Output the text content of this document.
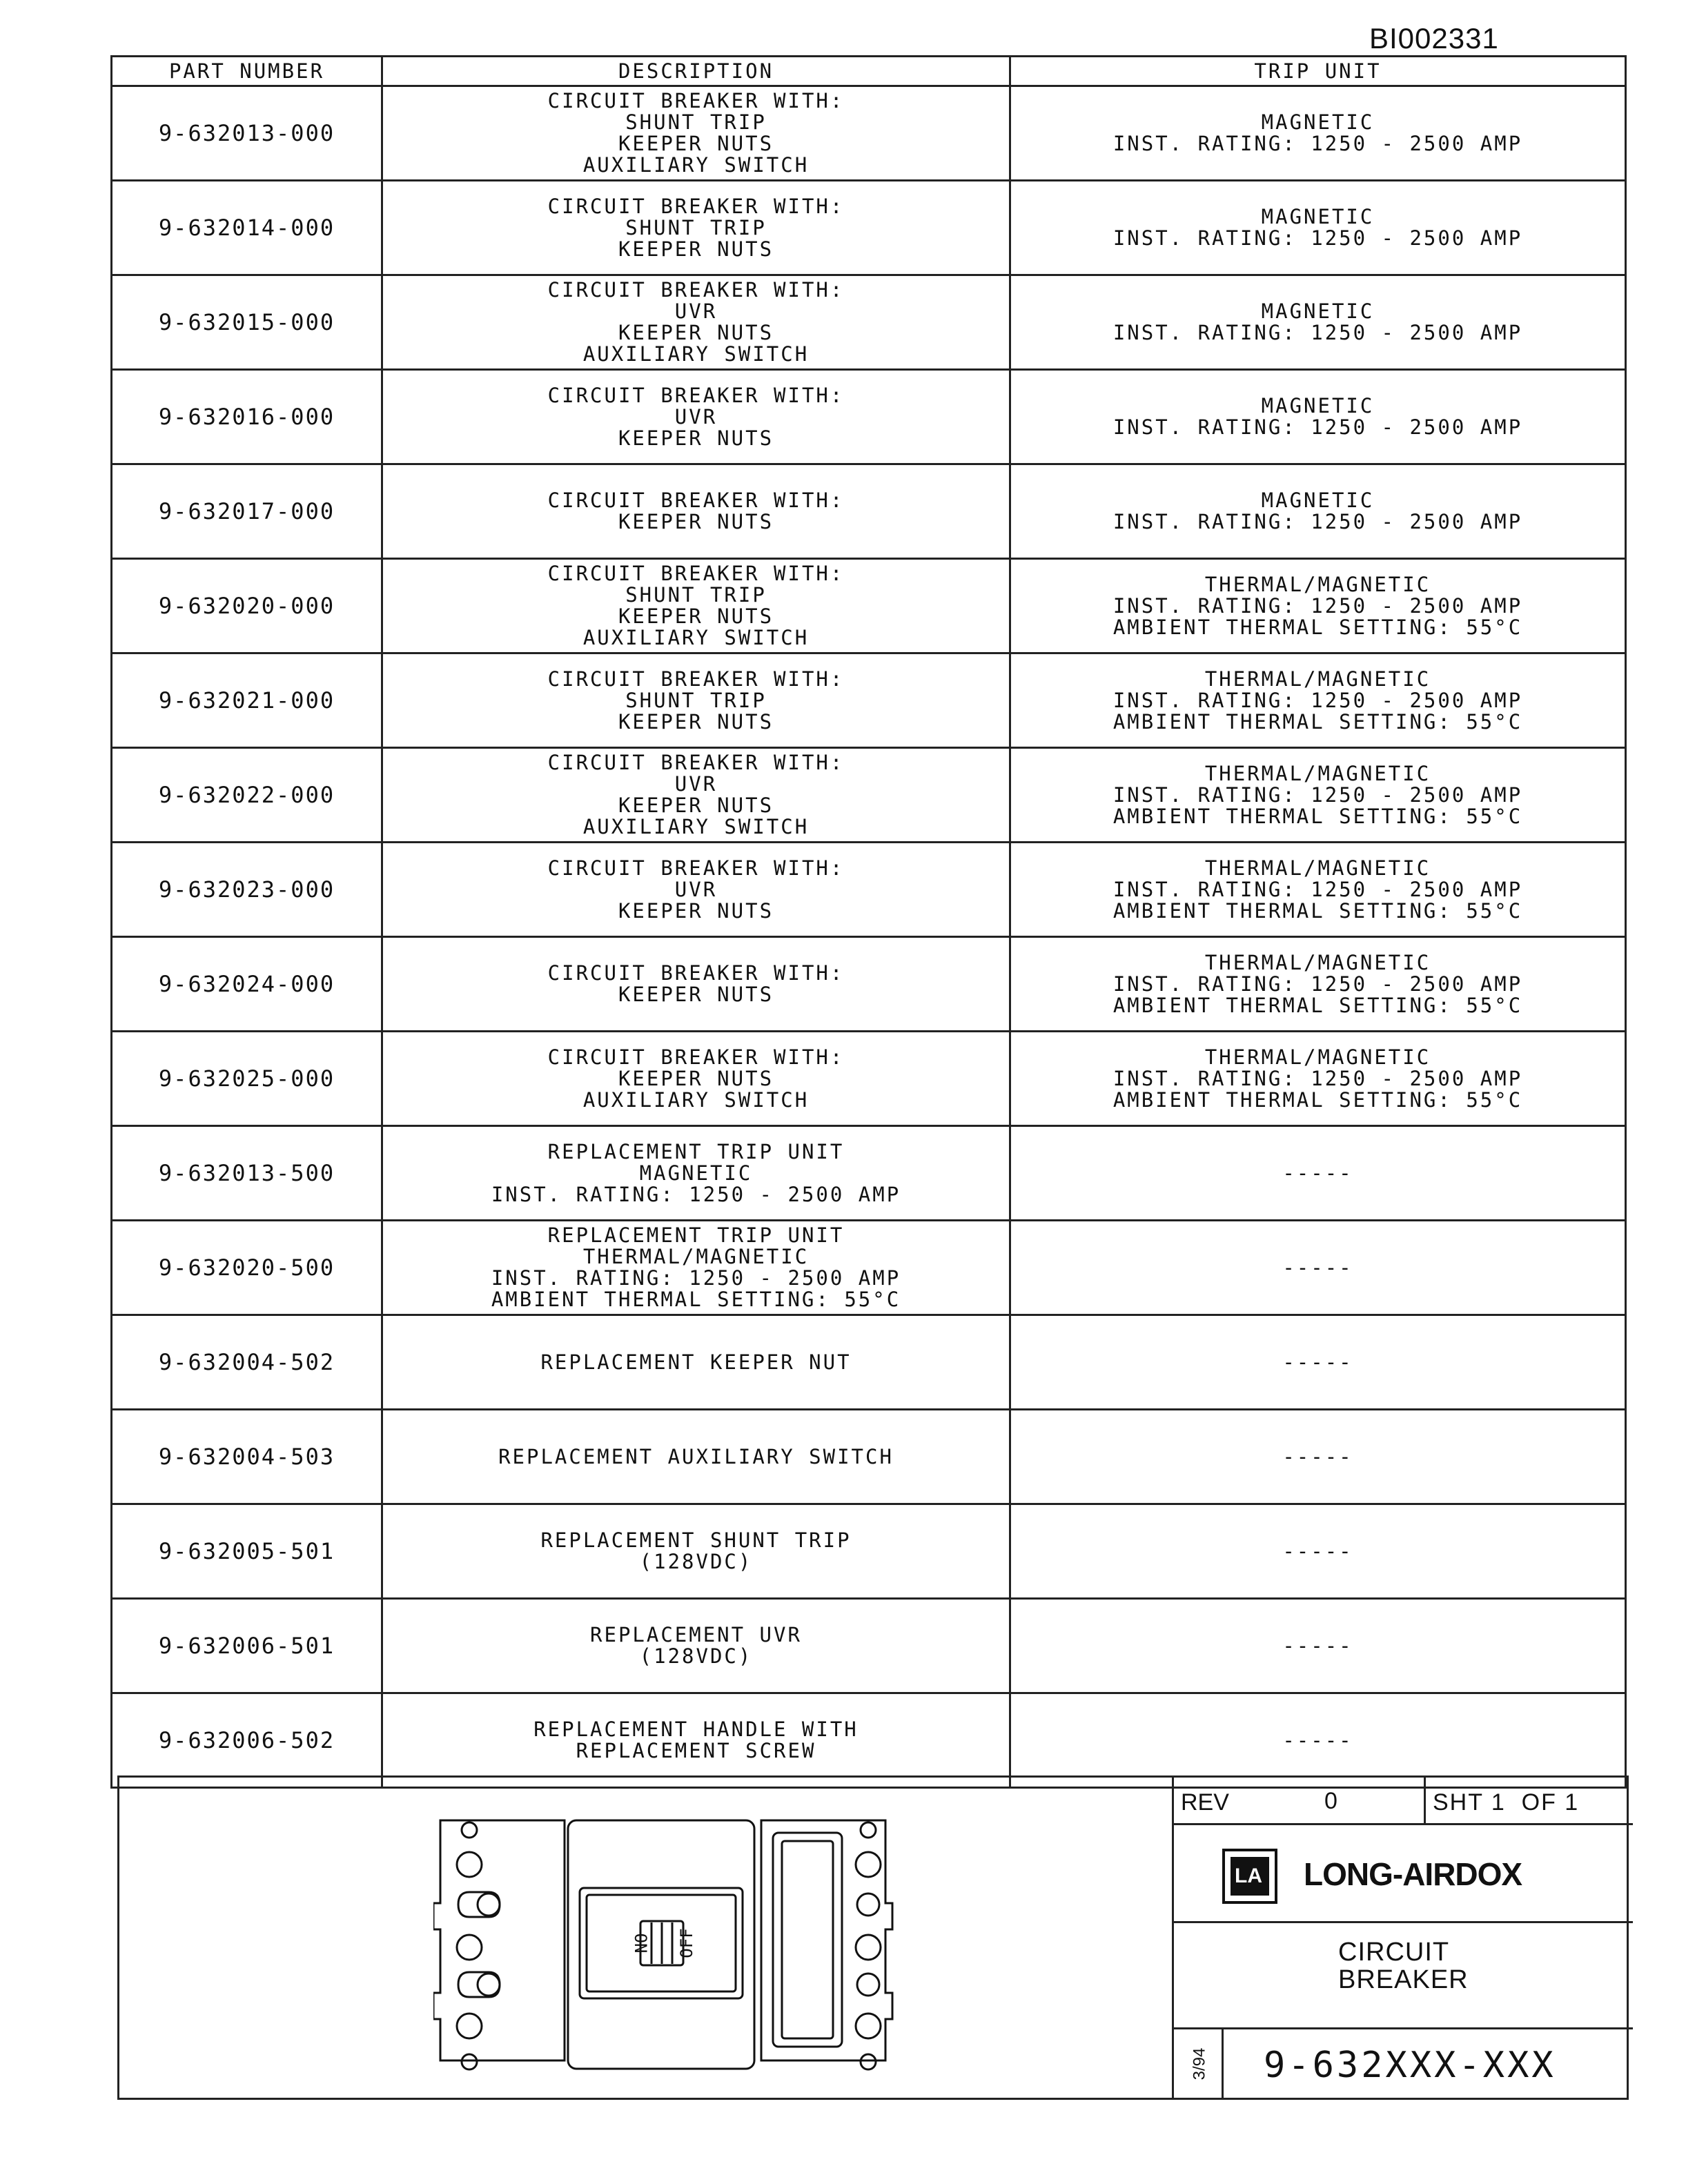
BI002331
PART NUMBER	DESCRIPTION	TRIP UNIT
9-632013-000	CIRCUIT BREAKER WITH:
SHUNT TRIP
KEEPER NUTS
AUXILIARY SWITCH	MAGNETIC
INST. RATING: 1250 - 2500 AMP

9-632014-000	CIRCUIT BREAKER WITH:
SHUNT TRIP
KEEPER NUTS	MAGNETIC
INST. RATING: 1250 - 2500 AMP

9-632015-000	CIRCUIT BREAKER WITH:
UVR
KEEPER NUTS
AUXILIARY SWITCH	MAGNETIC
INST. RATING: 1250 - 2500 AMP

9-632016-000	CIRCUIT BREAKER WITH:
UVR
KEEPER NUTS	MAGNETIC
INST. RATING: 1250 - 2500 AMP

9-632017-000	CIRCUIT BREAKER WITH:
KEEPER NUTS	MAGNETIC
INST. RATING: 1250 - 2500 AMP

9-632020-000	CIRCUIT BREAKER WITH:
SHUNT TRIP
KEEPER NUTS
AUXILIARY SWITCH	THERMAL/MAGNETIC
INST. RATING: 1250 - 2500 AMP
AMBIENT THERMAL SETTING: 55°C

9-632021-000	CIRCUIT BREAKER WITH:
SHUNT TRIP
KEEPER NUTS	THERMAL/MAGNETIC
INST. RATING: 1250 - 2500 AMP
AMBIENT THERMAL SETTING: 55°C

9-632022-000	CIRCUIT BREAKER WITH:
UVR
KEEPER NUTS
AUXILIARY SWITCH	THERMAL/MAGNETIC
INST. RATING: 1250 - 2500 AMP
AMBIENT THERMAL SETTING: 55°C

9-632023-000	CIRCUIT BREAKER WITH:
UVR
KEEPER NUTS	THERMAL/MAGNETIC
INST. RATING: 1250 - 2500 AMP
AMBIENT THERMAL SETTING: 55°C

9-632024-000	CIRCUIT BREAKER WITH:
KEEPER NUTS	THERMAL/MAGNETIC
INST. RATING: 1250 - 2500 AMP
AMBIENT THERMAL SETTING: 55°C

9-632025-000	CIRCUIT BREAKER WITH:
KEEPER NUTS
AUXILIARY SWITCH	THERMAL/MAGNETIC
INST. RATING: 1250 - 2500 AMP
AMBIENT THERMAL SETTING: 55°C

9-632013-500	REPLACEMENT TRIP UNIT
MAGNETIC
INST. RATING: 1250 - 2500 AMP	-----

9-632020-500	REPLACEMENT TRIP UNIT
THERMAL/MAGNETIC
INST. RATING: 1250 - 2500 AMP
AMBIENT THERMAL SETTING: 55°C	-----

9-632004-502	REPLACEMENT KEEPER NUT	-----

9-632004-503	REPLACEMENT AUXILIARY SWITCH	-----

9-632005-501	REPLACEMENT SHUNT TRIP
(128VDC)	-----

9-632006-501	REPLACEMENT UVR
(128VDC)	-----

9-632006-502	REPLACEMENT HANDLE WITH
REPLACEMENT SCREW	-----
ON OFF
REV	0	SHT 1  OF 1
LA LONG-AIRDOX
CIRCUIT
BREAKER
3/94 9-632XXX-XXX
